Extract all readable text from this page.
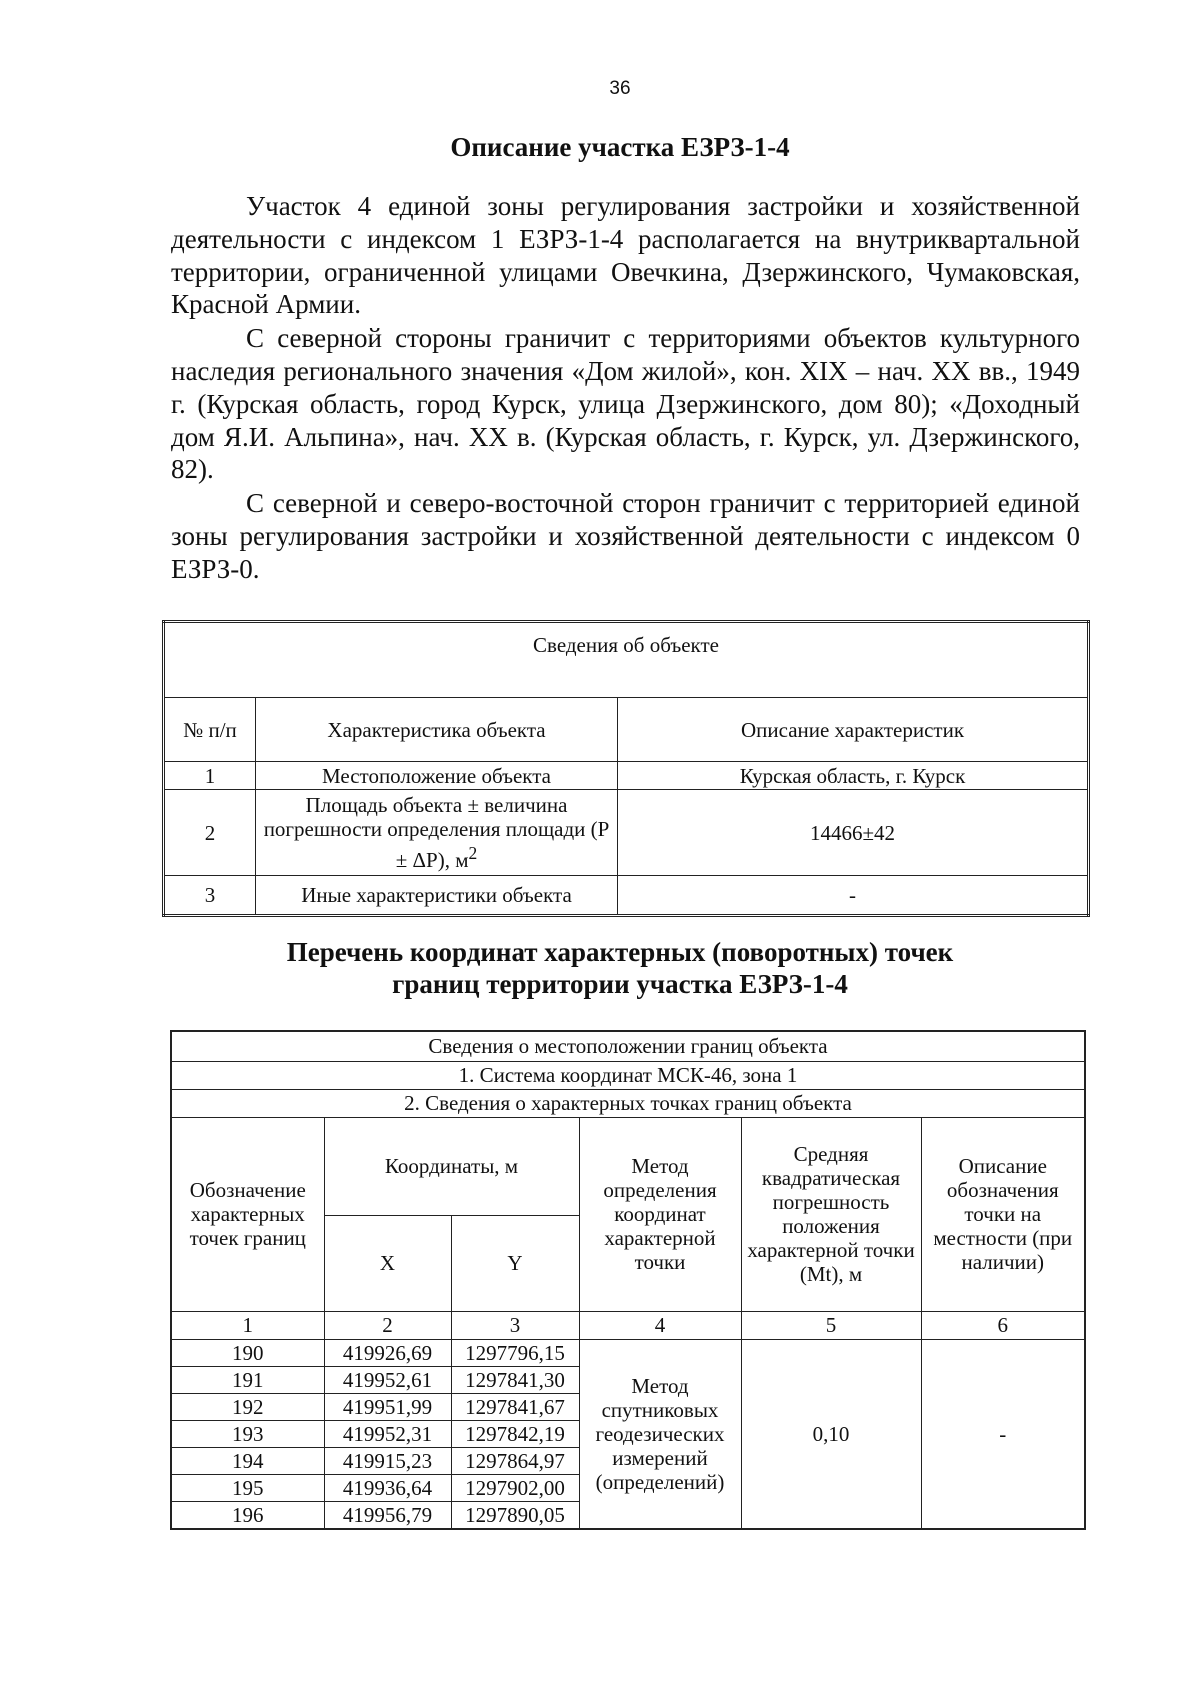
36
Описание участка ЕЗРЗ-1-4

Участок 4 единой зоны регулирования застройки и хозяйственной деятельности с индексом 1 ЕЗРЗ-1-4 располагается на внутриквартальной территории, ограниченной улицами Овечкина, Дзержинского, Чумаковская, Красной Армии.

С северной стороны граничит с территориями объектов культурного наследия регионального значения «Дом жилой», кон. XIX – нач. XX вв., 1949 г. (Курская область, город Курск, улица Дзержинского, дом 80); «Доходный дом Я.И. Альпина», нач. XX в. (Курская область, г. Курск, ул. Дзержинского, 82).

С северной и северо-восточной сторон граничит с территорией единой зоны регулирования застройки и хозяйственной деятельности с индексом 0 ЕЗРЗ-0.

Сведения об объекте		
№ п/п	Характеристика объекта	Описание характеристик
1	Местоположение объекта	Курская область, г. Курск
2	Площадь объекта ± величина погрешности определения площади (P ± ΔP), $м^2$	14466±42
3	Иные характеристики объекта	-
Перечень координат характерных (поворотных) точек
границ территории участка ЕЗРЗ-1-4
Сведения о местоположении границ объекта					
1. Система координат МСК-46, зона 1					
2. Сведения о характерных точках границ объекта					
Обозначение характерных точек границ	Координаты, м		Метод определения координат характерной точки	Средняя квадратическая погрешность положения характерной точки (Mt), м	Описание обозначения точки на местности (при наличии)
	X	Y			
1	2	3	4	5	6
190	419926,69	1297796,15	Метод спутниковых геодезических измерений (определений)	0,10	-
191	419952,61	1297841,30			
192	419951,99	1297841,67			
193	419952,31	1297842,19			
194	419915,23	1297864,97			
195	419936,64	1297902,00			
196	419956,79	1297890,05			
